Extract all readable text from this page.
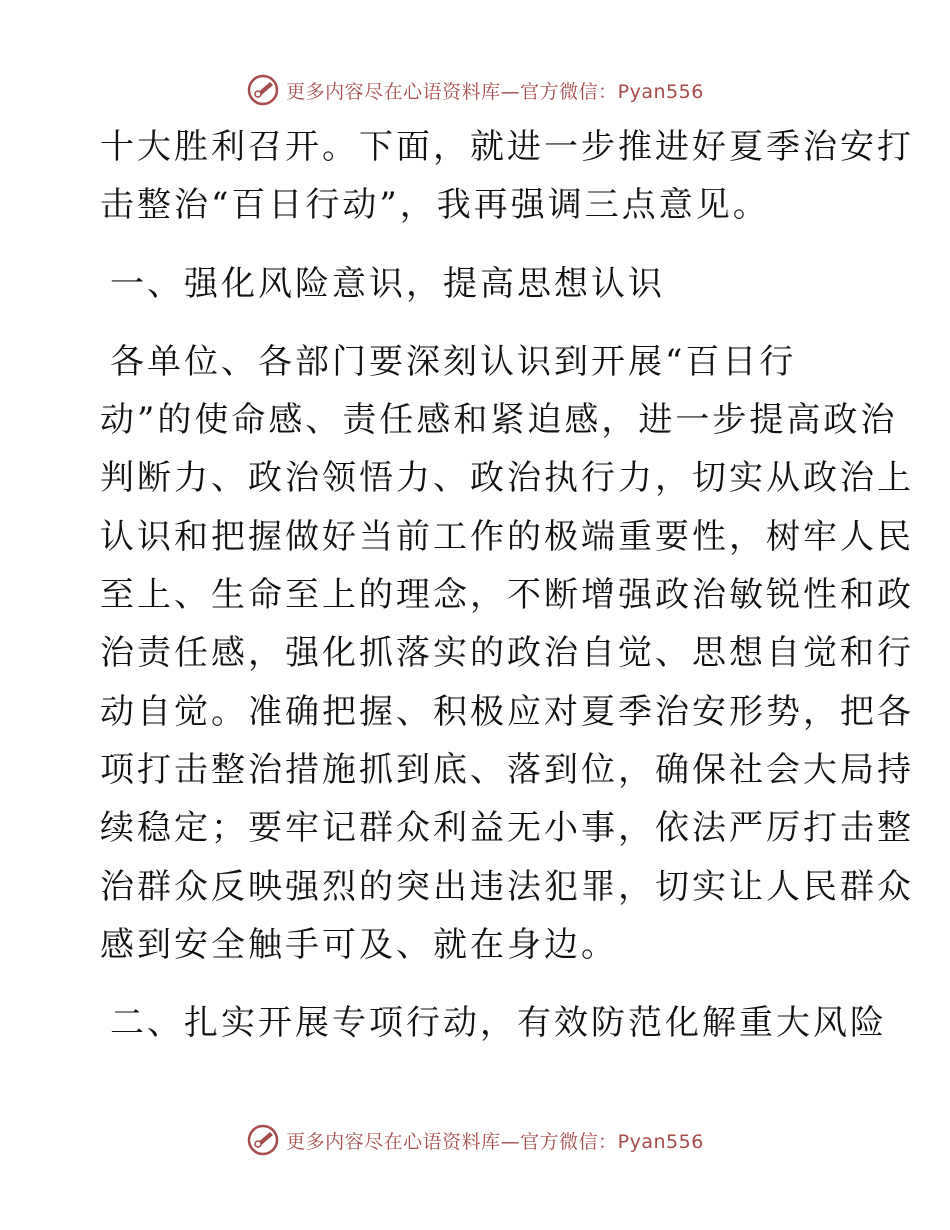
更多内容尽在心语资料库—官方微信：Pyan556
十大胜利召开。下面，就进一步推进好夏季治安打
击整治“百日行动”，我再强调三点意见。
一、强化风险意识，提高思想认识
各单位、各部门要深刻认识到开展“百日行
动”的使命感、责任感和紧迫感，进一步提高政治
判断力、政治领悟力、政治执行力，切实从政治上
认识和把握做好当前工作的极端重要性，树牢人民
至上、生命至上的理念，不断增强政治敏锐性和政
治责任感，强化抓落实的政治自觉、思想自觉和行
动自觉。准确把握、积极应对夏季治安形势，把各
项打击整治措施抓到底、落到位，确保社会大局持
续稳定；要牢记群众利益无小事，依法严厉打击整
治群众反映强烈的突出违法犯罪，切实让人民群众
感到安全触手可及、就在身边。
二、扎实开展专项行动，有效防范化解重大风险
更多内容尽在心语资料库—官方微信：Pyan556
